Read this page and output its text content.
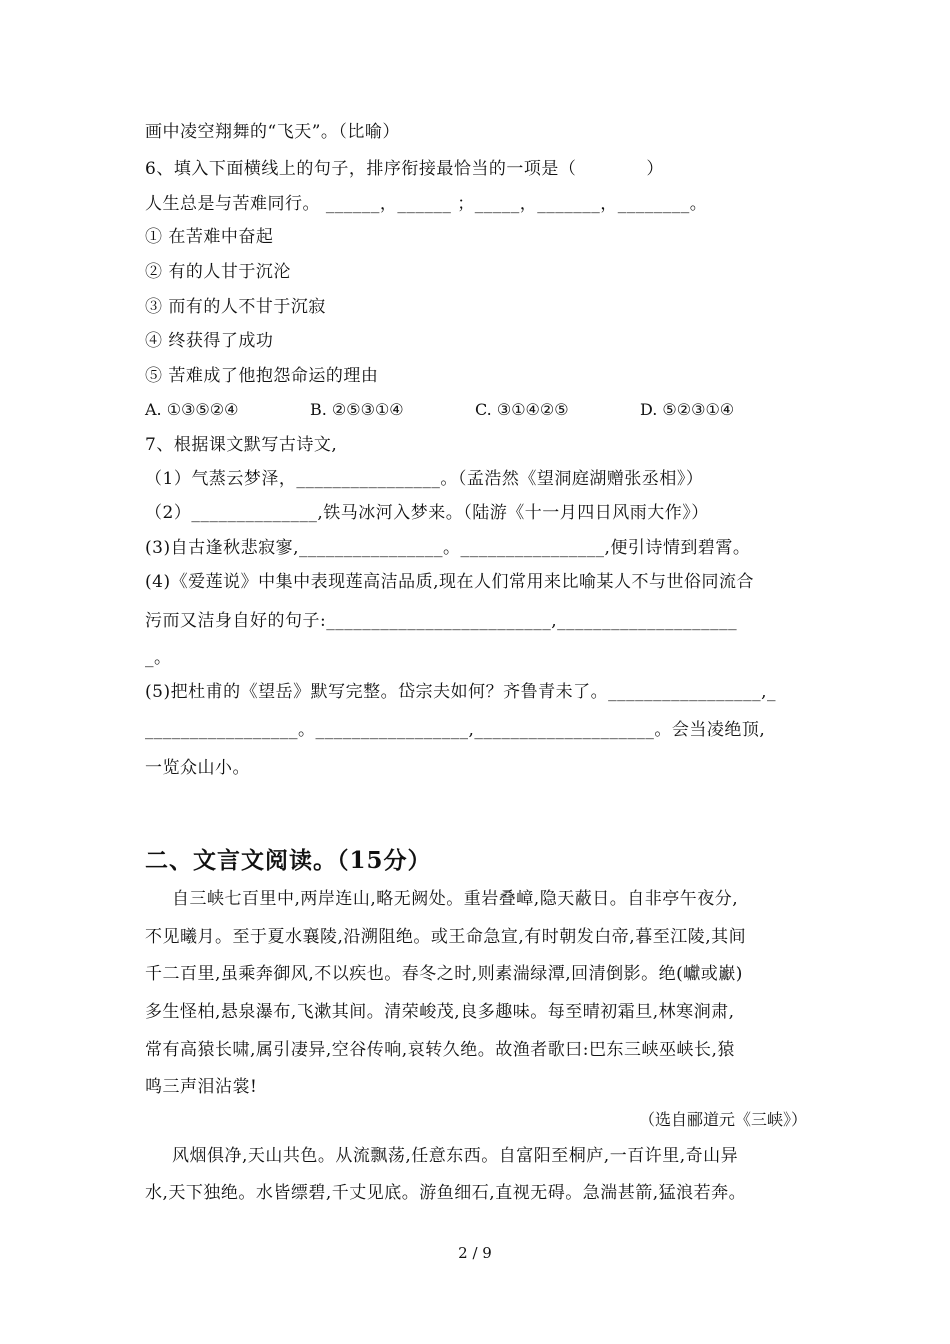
画中凌空翔舞的“飞天”。（比喻）
6、填入下面横线上的句子，排序衔接最恰当的一项是（　　　　）
人生总是与苦难同行。 ______，______ ；_____，_______，________。
① 在苦难中奋起
② 有的人甘于沉沦
③ 而有的人不甘于沉寂
④ 终获得了成功
⑤ 苦难成了他抱怨命运的理由
A. ①③⑤②④	B. ②⑤③①④	C. ③①④②⑤	D. ⑤②③①④
7、根据课文默写古诗文,
（1）气蒸云梦泽，________________。（孟浩然《望洞庭湖赠张丞相》）
（2）______________,铁马冰河入梦来。（陆游《十一月四日风雨大作》）
(3)自古逢秋悲寂寥,________________。________________,便引诗情到碧霄。
(4)《爱莲说》中集中表现莲高洁品质,现在人们常用来比喻某人不与世俗同流合
污而又洁身自好的句子:_________________________,____________________
_。
(5)把杜甫的《望岳》默写完整。岱宗夫如何？齐鲁青未了。_________________,_
_________________。_________________,____________________。会当凌绝顶,
一览众山小。
二、文言文阅读。（15分）
自三峡七百里中,两岸连山,略无阙处。重岩叠嶂,隐天蔽日。自非亭午夜分,
不见曦月。至于夏水襄陵,沿溯阻绝。或王命急宣,有时朝发白帝,暮至江陵,其间
千二百里,虽乘奔御风,不以疾也。春冬之时,则素湍绿潭,回清倒影。绝(巘或巚)
多生怪柏,悬泉瀑布,飞漱其间。清荣峻茂,良多趣味。每至晴初霜旦,林寒涧肃,
常有高猿长啸,属引凄异,空谷传响,哀转久绝。故渔者歌曰:巴东三峡巫峡长,猿
鸣三声泪沾裳!
（选自郦道元《三峡》）
风烟俱净,天山共色。从流飘荡,任意东西。自富阳至桐庐,一百许里,奇山异
水,天下独绝。水皆缥碧,千丈见底。游鱼细石,直视无碍。急湍甚箭,猛浪若奔。
2 / 9
